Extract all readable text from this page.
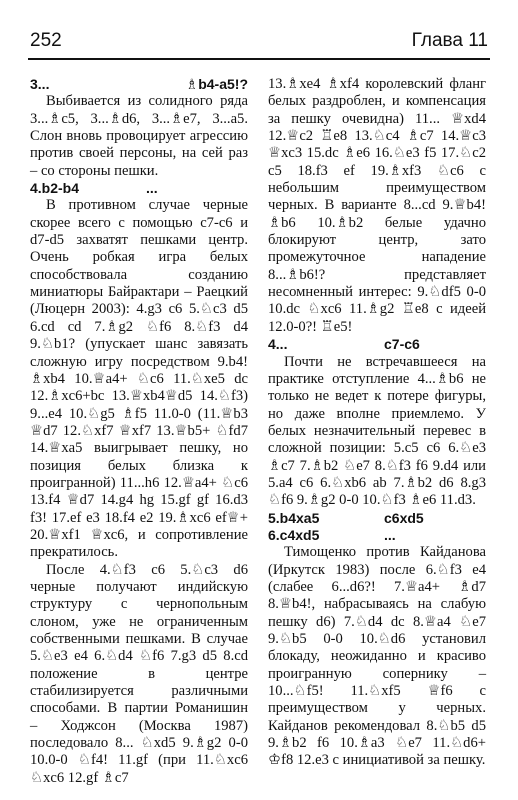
252	Глава 11
3...	♗b4-a5!?

Выбивается из солидного ряда 3...♗c5, 3...♗d6, 3...♗e7, 3...a5. Слон вновь провоцирует агрессию против своей персоны, на сей раз – со стороны пешки.

4.b2-b4	...

В противном случае черные скорее всего с помощью c7-c6 и d7-d5 захватят пешками центр. Очень робкая игра белых способствовала созданию миниатюры Байрактари – Раецкий (Люцерн 2003): 4.g3 c6 5.♘c3 d5 6.cd cd 7.♗g2 ♘f6 8.♘f3 d4 9.♘b1? (упускает шанс завязать сложную игру посредством 9.b4! ♗xb4 10.♕a4+ ♘c6 11.♘xe5 dc 12.♗xc6+bc 13.♕xb4♕d5 14.♘f3) 9...e4 10.♘g5 ♗f5 11.0-0 (11.♕b3 ♕d7 12.♘xf7 ♕xf7 13.♕b5+ ♘fd7 14.♕xa5 выигрывает пешку, но позиция белых близка к проигранной) 11...h6 12.♕a4+ ♘c6 13.f4 ♕d7 14.g4 hg 15.gf gf 16.d3 f3! 17.ef e3 18.f4 e2 19.♗xc6 ef♕+ 20.♕xf1 ♕xc6, и сопротивление прекратилось.

После 4.♘f3 c6 5.♘c3 d6 черные получают индийскую структуру с чернопольным слоном, уже не ограниченным собственными пешками. В случае 5.♘e3 e4 6.♘d4 ♘f6 7.g3 d5 8.cd положение в центре стабилизируется различными способами. В партии Романишин – Ходжсон (Москва 1987) последовало 8... ♘xd5 9.♗g2 0-0 10.0-0 ♘f4! 11.gf (при 11.♘xc6 ♘xc6 12.gf ♗c7

13.♗xe4 ♗xf4 королевский фланг белых раздроблен, и компенсация за пешку очевидна) 11... ♕xd4 12.♕c2 ♖e8 13.♘c4 ♗c7 14.♕c3 ♕xc3 15.dc ♗e6 16.♘e3 f5 17.♘c2 c5 18.f3 ef 19.♗xf3 ♘c6 с небольшим преимуществом черных. В варианте 8...cd 9.♕b4! ♗b6 10.♗b2 белые удачно блокируют центр, зато промежуточное нападение 8...♗b6!? представляет несомненный интерес: 9.♘df5 0-0 10.dc ♘xc6 11.♗g2 ♖e8 с идеей 12.0-0?! ♖e5!

4...	c7-c6

Почти не встречавшееся на практике отступление 4...♗b6 не только не ведет к потере фигуры, но даже вполне приемлемо. У белых незначительный перевес в сложной позиции: 5.c5 c6 6.♘e3 ♗c7 7.♗b2 ♘e7 8.♘f3 f6 9.d4 или 5.a4 c6 6.♘xb6 ab 7.♗b2 d6 8.g3 ♘f6 9.♗g2 0-0 10.♘f3 ♗e6 11.d3.

5.b4xa5	c6xd5
6.c4xd5	...

Тимощенко против Кайданова (Иркутск 1983) после 6.♘f3 e4 (слабее 6...d6?! 7.♕a4+ ♗d7 8.♕b4!, набрасываясь на слабую пешку d6) 7.♘d4 dc 8.♕a4 ♘e7 9.♘b5 0-0 10.♘d6 установил блокаду, неожиданно и красиво проигранную сопернику – 10...♘f5! 11.♘xf5 ♕f6 с преимуществом у черных. Кайданов рекомендовал 8.♘b5 d5 9.♗b2 f6 10.♗a3 ♘e7 11.♘d6+ ♔f8 12.e3 с инициативой за пешку.
